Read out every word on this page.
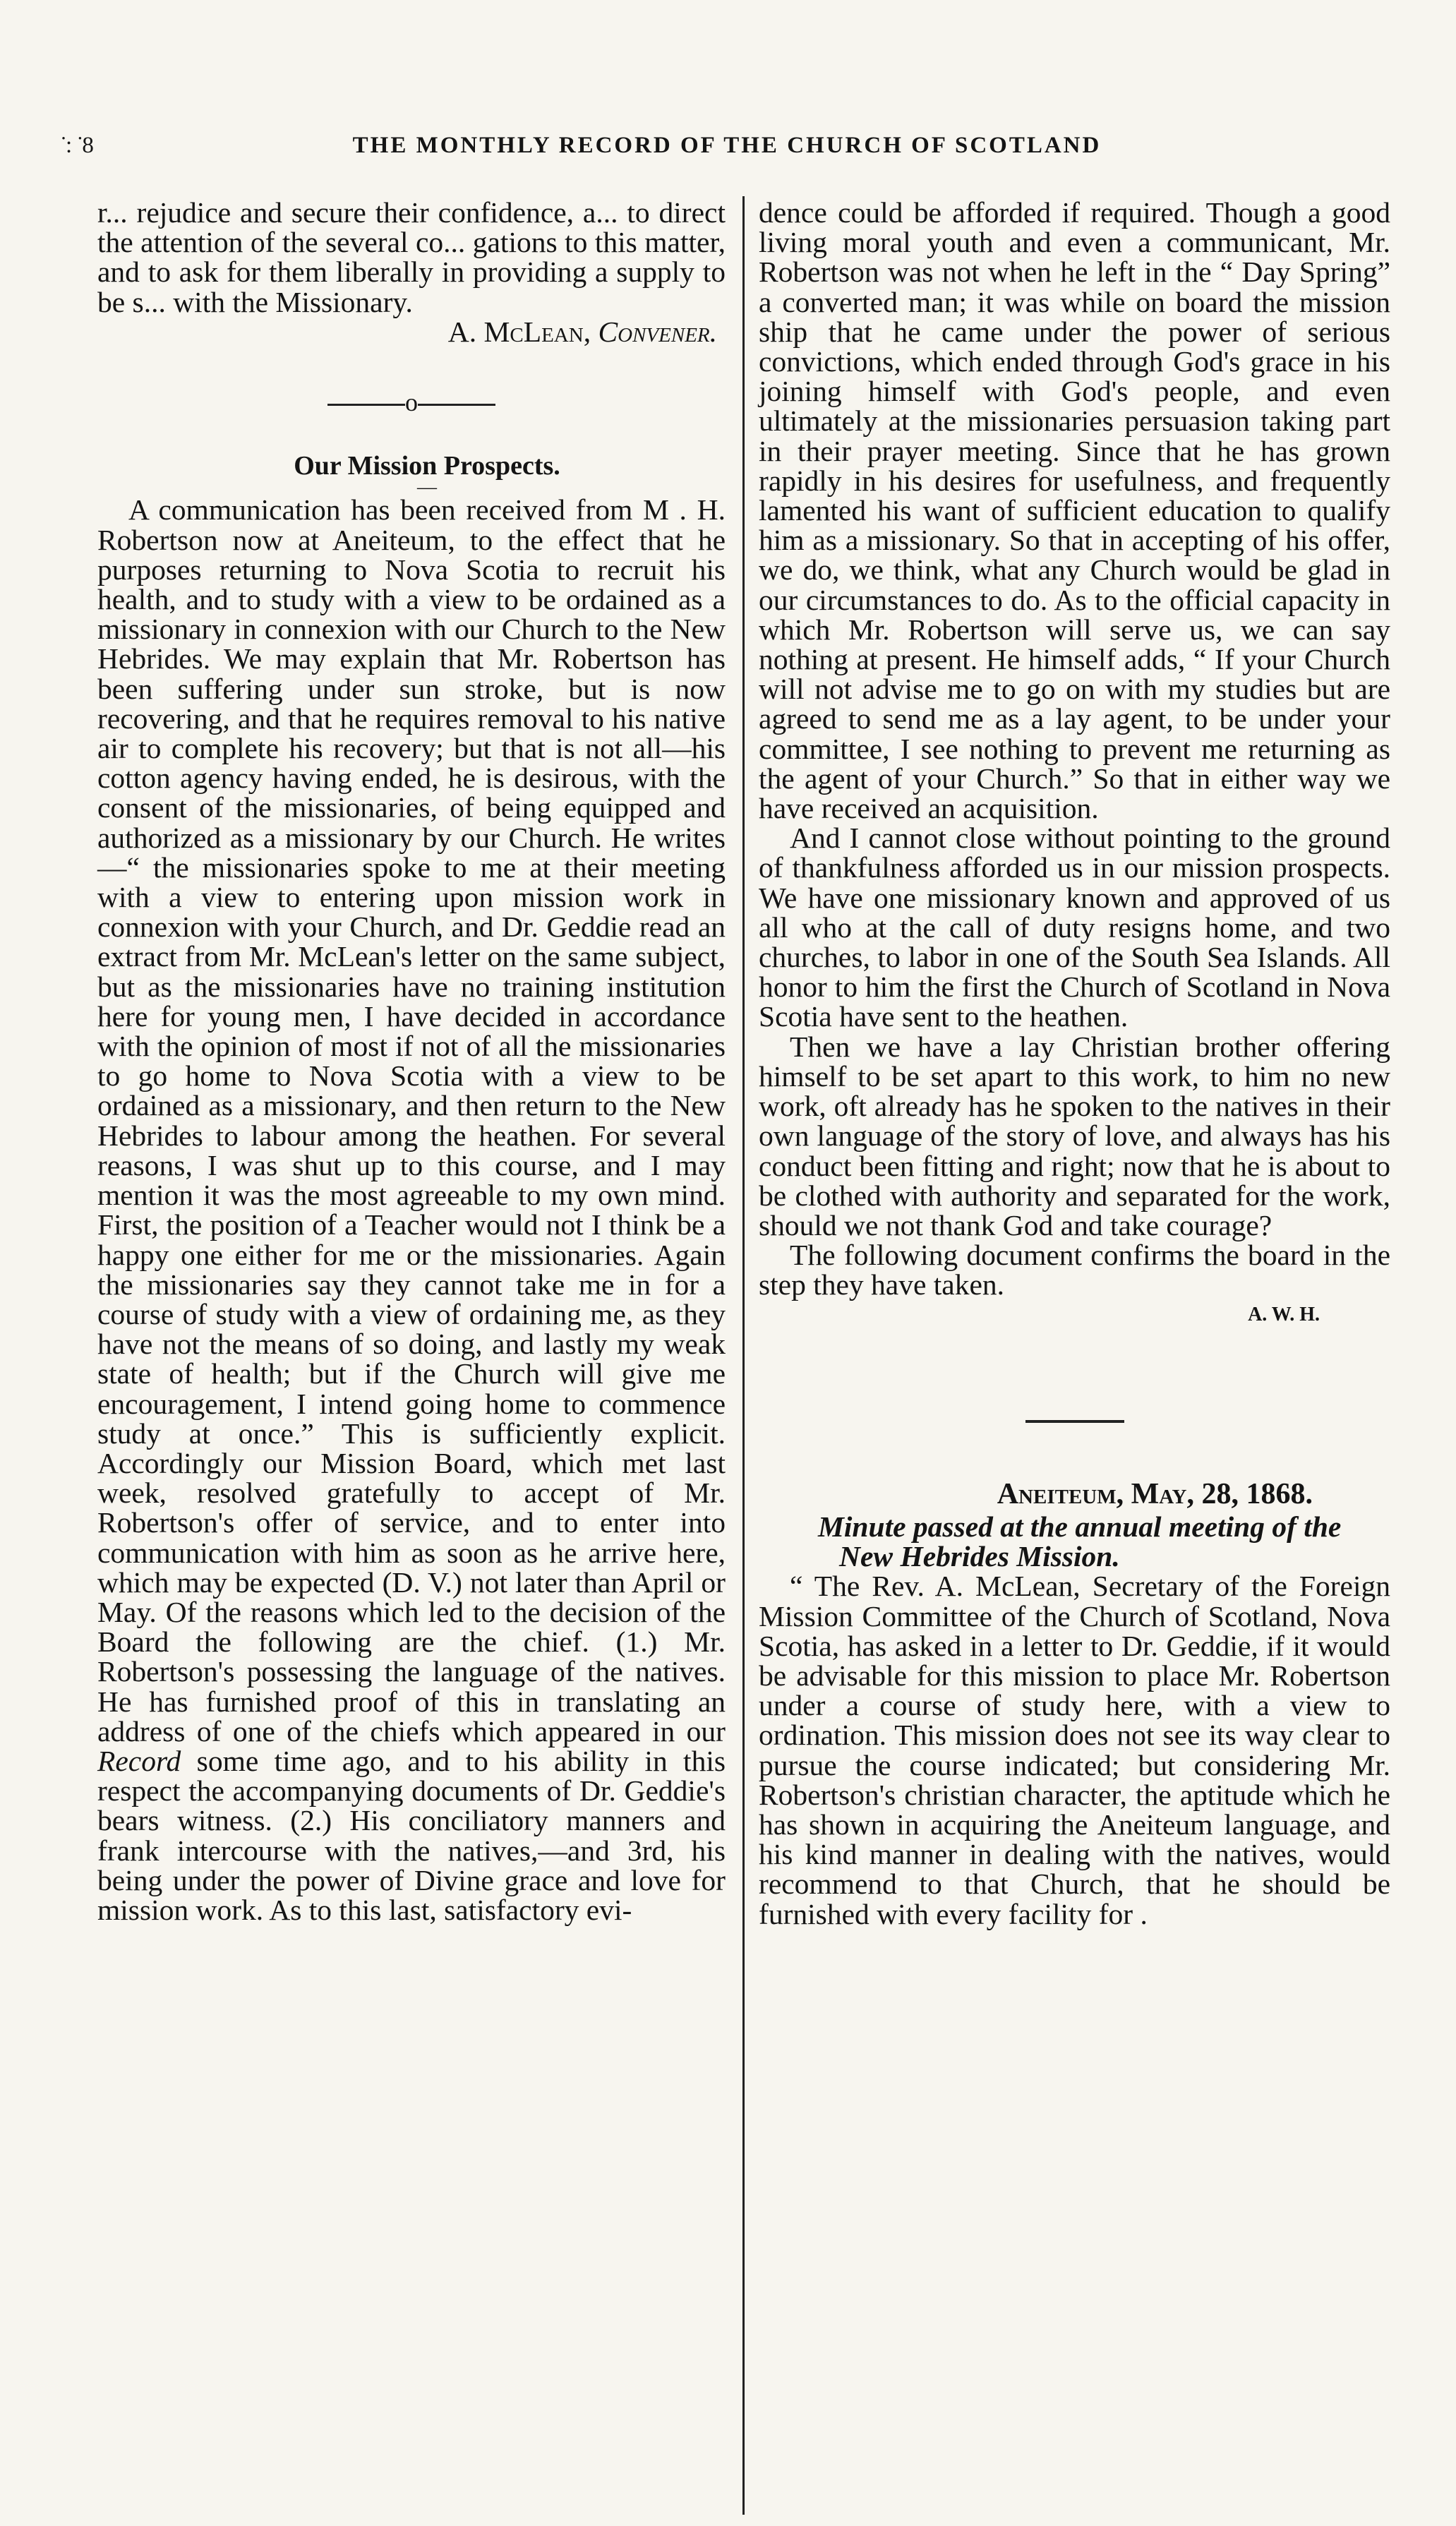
̇: ̇8	THE MONTHLY RECORD OF THE CHURCH OF SCOTLAND

r... rejudice and secure their confidence, a... to direct the attention of the several co... gations to this matter, and to ask for them liberally in providing a supply to be s... with the Missionary.

A. McLean, Convener.
o

Our Mission Prospects.

—

A communication has been received from M . H. Robertson now at Aneiteum, to the effect that he purposes returning to Nova Scotia to recruit his health, and to study with a view to be ordained as a missionary in connexion with our Church to the New Hebrides. We may explain that Mr. Robertson has been suffering under sun stroke, but is now recovering, and that he requires removal to his native air to complete his recovery; but that is not all—his cotton agency having ended, he is desirous, with the consent of the missionaries, of being equipped and authorized as a missionary by our Church. He writes—“ the missionaries spoke to me at their meeting with a view to entering upon mission work in connexion with your Church, and Dr. Geddie read an extract from Mr. McLean's letter on the same subject, but as the missionaries have no training institution here for young men, I have decided in accordance with the opinion of most if not of all the missionaries to go home to Nova Scotia with a view to be ordained as a missionary, and then return to the New Hebrides to labour among the heathen. For several reasons, I was shut up to this course, and I may mention it was the most agreeable to my own mind. First, the position of a Teacher would not I think be a happy one either for me or the missionaries. Again the missionaries say they cannot take me in for a course of study with a view of ordaining me, as they have not the means of so doing, and lastly my weak state of health; but if the Church will give me encouragement, I intend going home to commence study at once.” This is sufficiently explicit. Accordingly our Mission Board, which met last week, resolved gratefully to accept of Mr. Robertson's offer of service, and to enter into communication with him as soon as he arrive here, which may be expected (D. V.) not later than April or May. Of the reasons which led to the decision of the Board the following are the chief. (1.) Mr. Robertson's possessing the language of the natives. He has furnished proof of this in translating an address of one of the chiefs which appeared in our Record some time ago, and to his ability in this respect the accompanying documents of Dr. Geddie's bears witness. (2.) His conciliatory manners and frank intercourse with the natives,—and 3rd, his being under the power of Divine grace and love for mission work. As to this last, satisfactory evi-

dence could be afforded if required. Though a good living moral youth and even a communicant, Mr. Robertson was not when he left in the “ Day Spring” a converted man; it was while on board the mission ship that he came under the power of serious convictions, which ended through God's grace in his joining himself with God's people, and even ultimately at the missionaries persuasion taking part in their prayer meeting. Since that he has grown rapidly in his desires for usefulness, and frequently lamented his want of sufficient education to qualify him as a missionary. So that in accepting of his offer, we do, we think, what any Church would be glad in our circumstances to do. As to the official capacity in which Mr. Robertson will serve us, we can say nothing at present. He himself adds, “ If your Church will not advise me to go on with my studies but are agreed to send me as a lay agent, to be under your committee, I see nothing to prevent me returning as the agent of your Church.” So that in either way we have received an acquisition.

And I cannot close without pointing to the ground of thankfulness afforded us in our mission prospects. We have one missionary known and approved of us all who at the call of duty resigns home, and two churches, to labor in one of the South Sea Islands. All honor to him the first the Church of Scotland in Nova Scotia have sent to the heathen.

Then we have a lay Christian brother offering himself to be set apart to this work, to him no new work, oft already has he spoken to the natives in their own language of the story of love, and always has his conduct been fitting and right; now that he is about to be clothed with authority and separated for the work, should we not thank God and take courage?

The following document confirms the board in the step they have taken.

A. W. H.
Aneiteum, May, 28, 1868.

Minute passed at the annual meeting of the
New Hebrides Mission.

“ The Rev. A. McLean, Secretary of the Foreign Mission Committee of the Church of Scotland, Nova Scotia, has asked in a letter to Dr. Geddie, if it would be advisable for this mission to place Mr. Robertson under a course of study here, with a view to ordination. This mission does not see its way clear to pursue the course indicated; but considering Mr. Robertson's christian character, the aptitude which he has shown in acquiring the Aneiteum language, and his kind manner in dealing with the natives, would recommend to that Church, that he should be furnished with every facility for .
